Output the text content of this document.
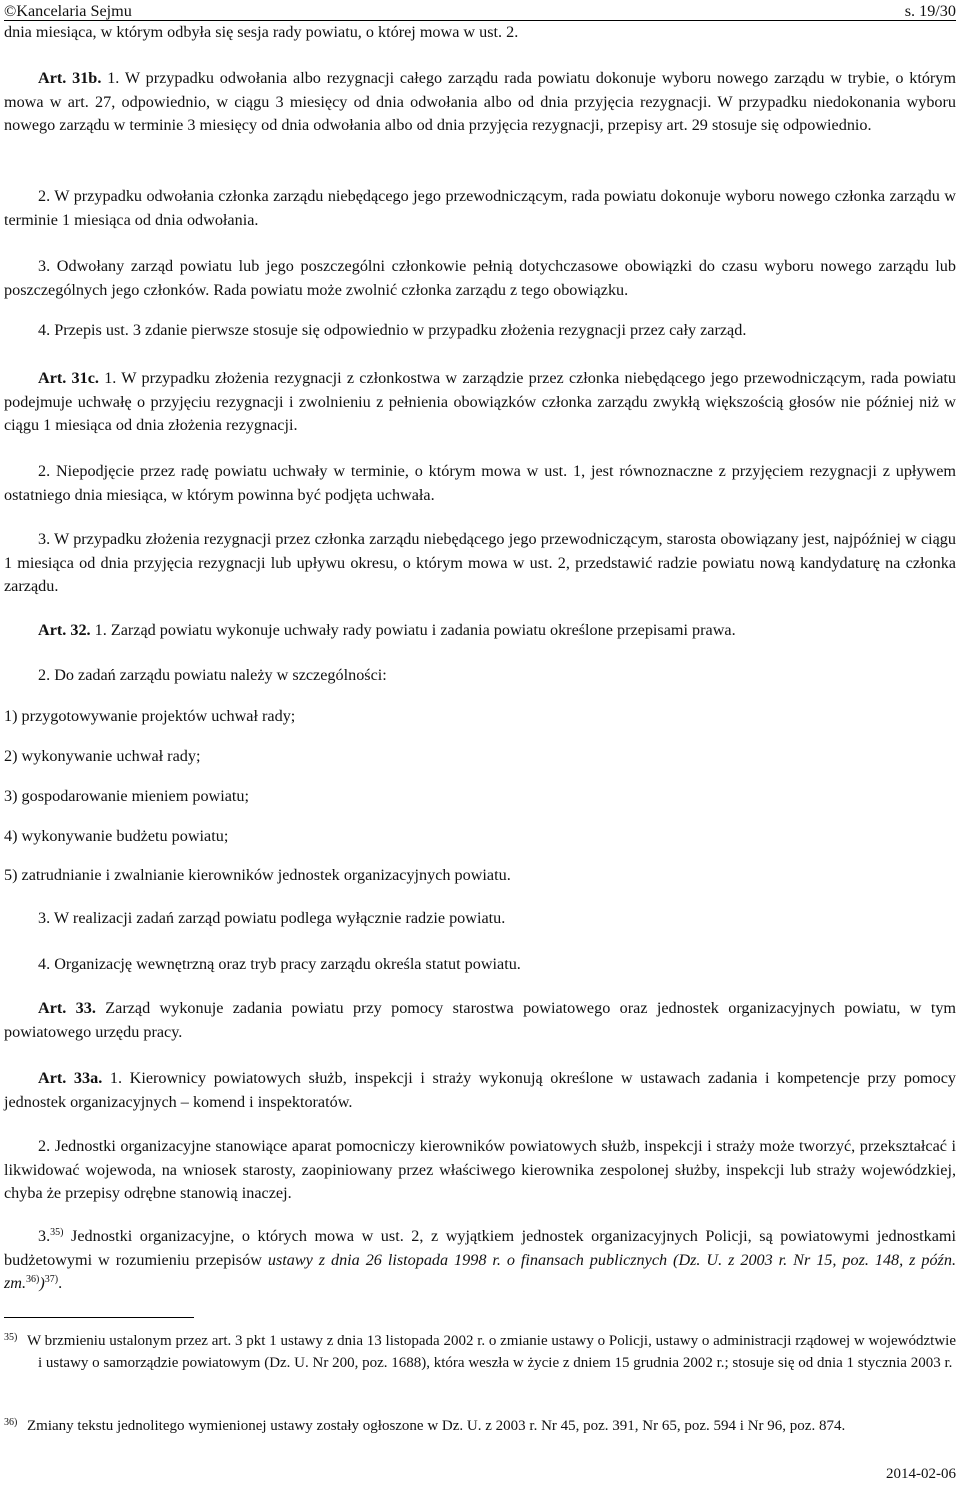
©Kancelaria Sejmu	s. 19/30

dnia miesiąca, w którym odbyła się sesja rady powiatu, o której mowa w ust. 2.

Art. 31b. 1. W przypadku odwołania albo rezygnacji całego zarządu rada powiatu dokonuje wyboru nowego zarządu w trybie, o którym mowa w art. 27, odpowiednio, w ciągu 3 miesięcy od dnia odwołania albo od dnia przyjęcia rezygnacji. W przypadku niedokonania wyboru nowego zarządu w terminie 3 miesięcy od dnia odwołania albo od dnia przyjęcia rezygnacji, przepisy art. 29 stosuje się odpowiednio.

2. W przypadku odwołania członka zarządu niebędącego jego przewodniczącym, rada powiatu dokonuje wyboru nowego członka zarządu w terminie 1 miesiąca od dnia odwołania.

3. Odwołany zarząd powiatu lub jego poszczególni członkowie pełnią dotychczasowe obowiązki do czasu wyboru nowego zarządu lub poszczególnych jego członków. Rada powiatu może zwolnić członka zarządu z tego obowiązku.

4. Przepis ust. 3 zdanie pierwsze stosuje się odpowiednio w przypadku złożenia rezygnacji przez cały zarząd.

Art. 31c. 1. W przypadku złożenia rezygnacji z członkostwa w zarządzie przez członka niebędącego jego przewodniczącym, rada powiatu podejmuje uchwałę o przyjęciu rezygnacji i zwolnieniu z pełnienia obowiązków członka zarządu zwykłą większością głosów nie później niż w ciągu 1 miesiąca od dnia złożenia rezygnacji.

2. Niepodjęcie przez radę powiatu uchwały w terminie, o którym mowa w ust. 1, jest równoznaczne z przyjęciem rezygnacji z upływem ostatniego dnia miesiąca, w którym powinna być podjęta uchwała.

3. W przypadku złożenia rezygnacji przez członka zarządu niebędącego jego przewodniczącym, starosta obowiązany jest, najpóźniej w ciągu 1 miesiąca od dnia przyjęcia rezygnacji lub upływu okresu, o którym mowa w ust. 2, przedstawić radzie powiatu nową kandydaturę na członka zarządu.

Art. 32. 1. Zarząd powiatu wykonuje uchwały rady powiatu i zadania powiatu określone przepisami prawa.

2. Do zadań zarządu powiatu należy w szczególności:

1) przygotowywanie projektów uchwał rady;

2) wykonywanie uchwał rady;

3) gospodarowanie mieniem powiatu;

4) wykonywanie budżetu powiatu;

5) zatrudnianie i zwalnianie kierowników jednostek organizacyjnych powiatu.

3. W realizacji zadań zarząd powiatu podlega wyłącznie radzie powiatu.

4. Organizację wewnętrzną oraz tryb pracy zarządu określa statut powiatu.

Art. 33. Zarząd wykonuje zadania powiatu przy pomocy starostwa powiatowego oraz jednostek organizacyjnych powiatu, w tym powiatowego urzędu pracy.

Art. 33a. 1. Kierownicy powiatowych służb, inspekcji i straży wykonują określone w ustawach zadania i kompetencje przy pomocy jednostek organizacyjnych – komend i inspektoratów.

2. Jednostki organizacyjne stanowiące aparat pomocniczy kierowników powiatowych służb, inspekcji i straży może tworzyć, przekształcać i likwidować wojewoda, na wniosek starosty, zaopiniowany przez właściwego kierownika zespolonej służby, inspekcji lub straży wojewódzkiej, chyba że przepisy odrębne stanowią inaczej.

3.$^{35)}$ Jednostki organizacyjne, o których mowa w ust. 2, z wyjątkiem jednostek organizacyjnych Policji, są powiatowymi jednostkami budżetowymi w rozumieniu przepisów ustawy z dnia 26 listopada 1998 r. o finansach publicznych (Dz. U. z 2003 r. Nr 15, poz. 148, z późn. zm.$^{36)}$)$^{37)}$.

$^{35)}$ W brzmieniu ustalonym przez art. 3 pkt 1 ustawy z dnia 13 listopada 2002 r. o zmianie ustawy o Policji, ustawy o administracji rządowej w województwie i ustawy o samorządzie powiatowym (Dz. U. Nr 200, poz. 1688), która weszła w życie z dniem 15 grudnia 2002 r.; stosuje się od dnia 1 stycznia 2003 r.
$^{36)}$ Zmiany tekstu jednolitego wymienionej ustawy zostały ogłoszone w Dz. U. z 2003 r. Nr 45, poz. 391, Nr 65, poz. 594 i Nr 96, poz. 874.
2014-02-06
